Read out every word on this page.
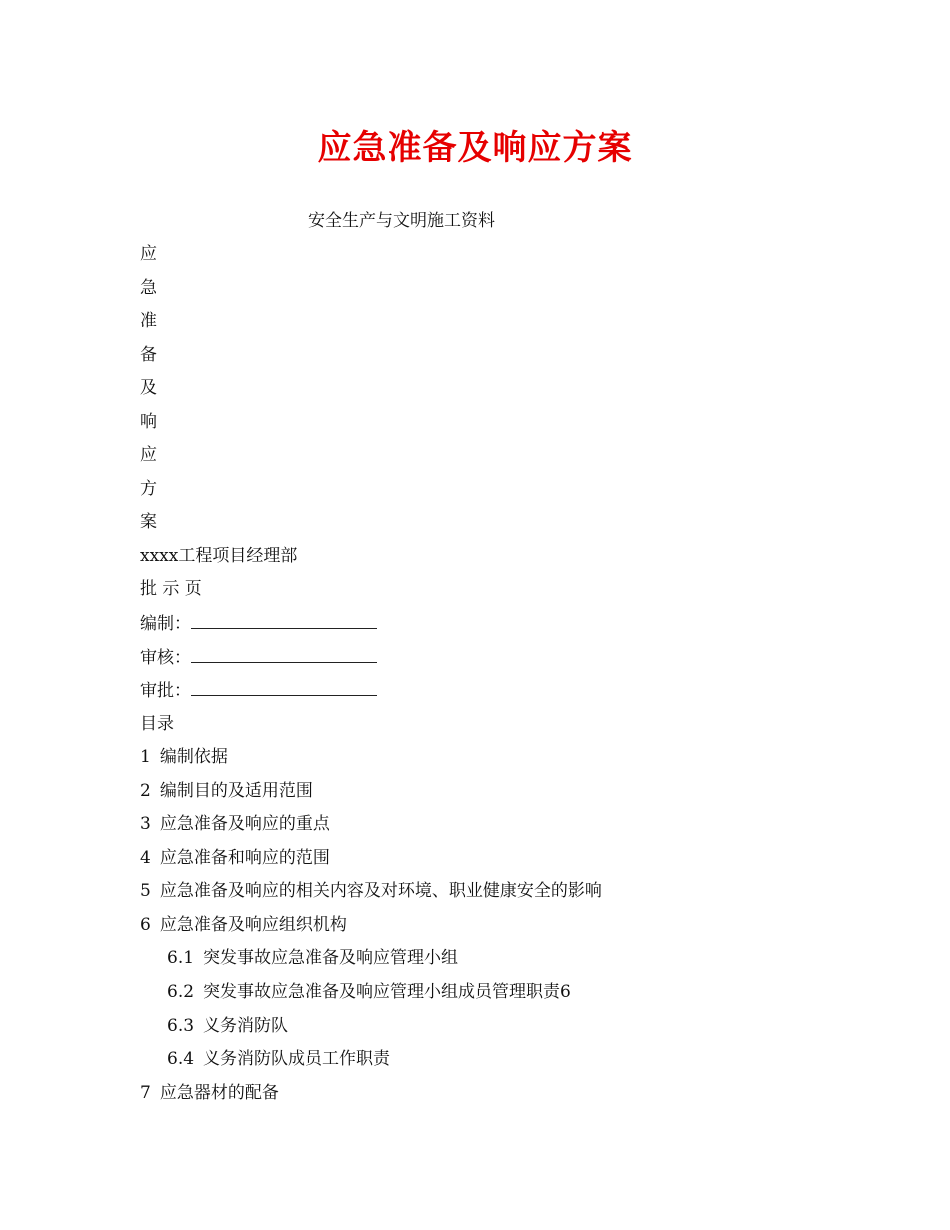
应急准备及响应方案

安全生产与文明施工资料

应
急
准
备
及
响
应
方
案
xxxx工程项目经理部
批 示 页
编制：
审核：
审批：
目录
1 编制依据
2 编制目的及适用范围
3 应急准备及响应的重点
4 应急准备和响应的范围
5 应急准备及响应的相关内容及对环境、职业健康安全的影响
6 应急准备及响应组织机构
6.1 突发事故应急准备及响应管理小组
6.2 突发事故应急准备及响应管理小组成员管理职责6
6.3 义务消防队
6.4 义务消防队成员工作职责
7 应急器材的配备
